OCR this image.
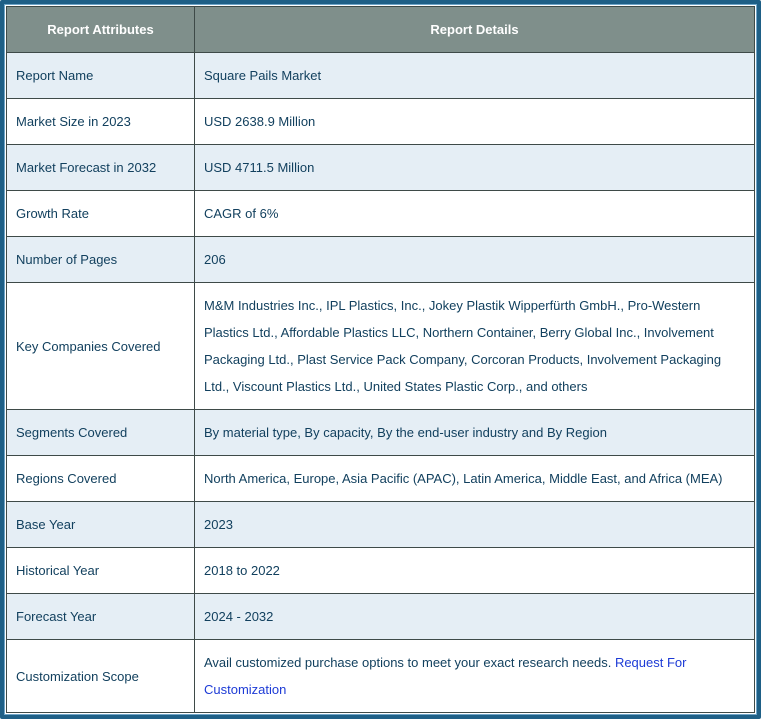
Report Attributes	Report Details
Report Name	Square Pails Market
Market Size in 2023	USD 2638.9 Million
Market Forecast in 2032	USD 4711.5 Million
Growth Rate	CAGR of 6%
Number of Pages	206
Key Companies Covered	M&M Industries Inc., IPL Plastics, Inc., Jokey Plastik Wipperfürth GmbH., Pro-Western Plastics Ltd., Affordable Plastics LLC, Northern Container, Berry Global Inc., Involvement Packaging Ltd., Plast Service Pack Company, Corcoran Products, Involvement Packaging Ltd., Viscount Plastics Ltd., United States Plastic Corp., and others
Segments Covered	By material type, By capacity, By the end-user industry and By Region
Regions Covered	North America, Europe, Asia Pacific (APAC), Latin America, Middle East, and Africa (MEA)
Base Year	2023
Historical Year	2018 to 2022
Forecast Year	2024 - 2032
Customization Scope	Avail customized purchase options to meet your exact research needs. Request For Customization
